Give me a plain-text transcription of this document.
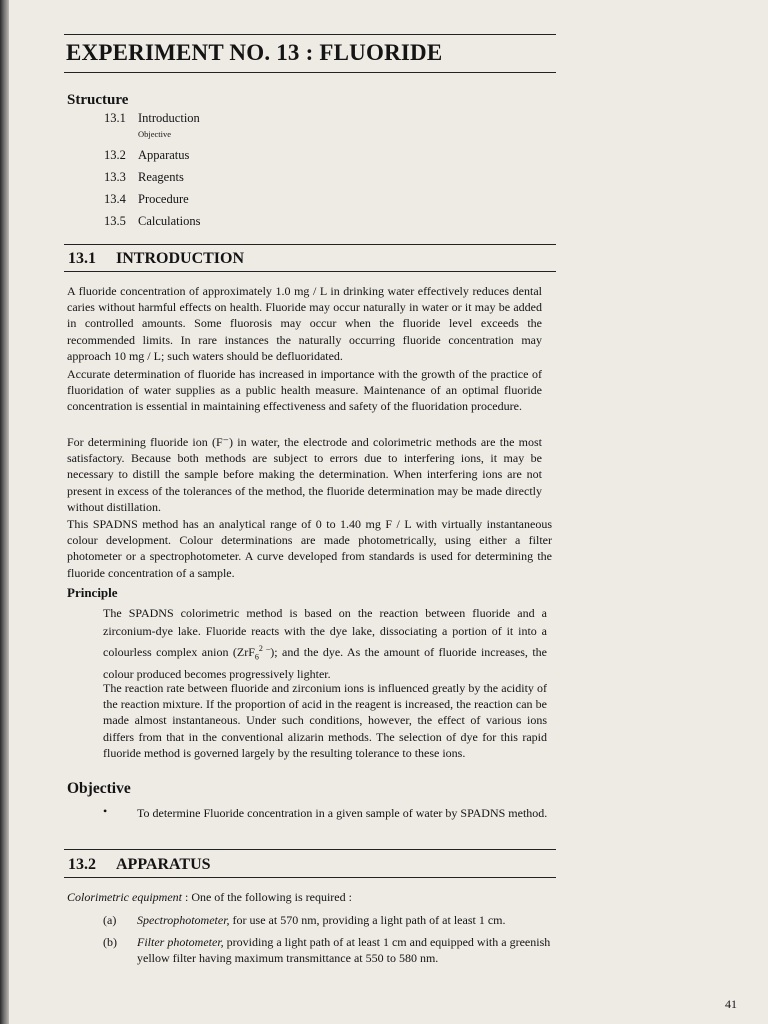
EXPERIMENT NO. 13 : FLUORIDE
Structure
13.1 Introduction
Objective
13.2 Apparatus
13.3 Reagents
13.4 Procedure
13.5 Calculations
13.1 INTRODUCTION

A fluoride concentration of approximately 1.0 mg / L in drinking water effectively reduces dental caries without harmful effects on health. Fluoride may occur naturally in water or it may be added in controlled amounts. Some fluorosis may occur when the fluoride level exceeds the recommended limits. In rare instances the naturally occurring fluoride concentration may approach 10 mg / L; such waters should be defluoridated.

Accurate determination of fluoride has increased in importance with the growth of the practice of fluoridation of water supplies as a public health measure. Maintenance of an optimal fluoride concentration is essential in maintaining effectiveness and safety of the fluoridation procedure.

For determining fluoride ion (F⁻) in water, the electrode and colorimetric methods are the most satisfactory. Because both methods are subject to errors due to interfering ions, it may be necessary to distill the sample before making the determination. When interfering ions are not present in excess of the tolerances of the method, the fluoride determination may be made directly without distillation.

This SPADNS method has an analytical range of 0 to 1.40 mg F / L with virtually instantaneous colour development. Colour determinations are made photometrically, using either a filter photometer or a spectrophotometer. A curve developed from standards is used for determining the fluoride concentration of a sample.

Principle

The SPADNS colorimetric method is based on the reaction between fluoride and a zirconium-dye lake. Fluoride reacts with the dye lake, dissociating a portion of it into a colourless complex anion (ZrF$_6^{2 -}$); and the dye. As the amount of fluoride increases, the colour produced becomes progressively lighter.

The reaction rate between fluoride and zirconium ions is influenced greatly by the acidity of the reaction mixture. If the proportion of acid in the reagent is increased, the reaction can be made almost instantaneous. Under such conditions, however, the effect of various ions differs from that in the conventional alizarin methods. The selection of dye for this rapid fluoride method is governed largely by the resulting tolerance to these ions.

Objective
• To determine Fluoride concentration in a given sample of water by SPADNS method.
13.2 APPARATUS
Colorimetric equipment : One of the following is required :
(a) Spectrophotometer, for use at 570 nm, providing a light path of at least 1 cm.
(b)	Filter photometer, providing a light path of at least 1 cm and equipped with a greenish yellow filter having maximum transmittance at 550 to 580 nm.
41
